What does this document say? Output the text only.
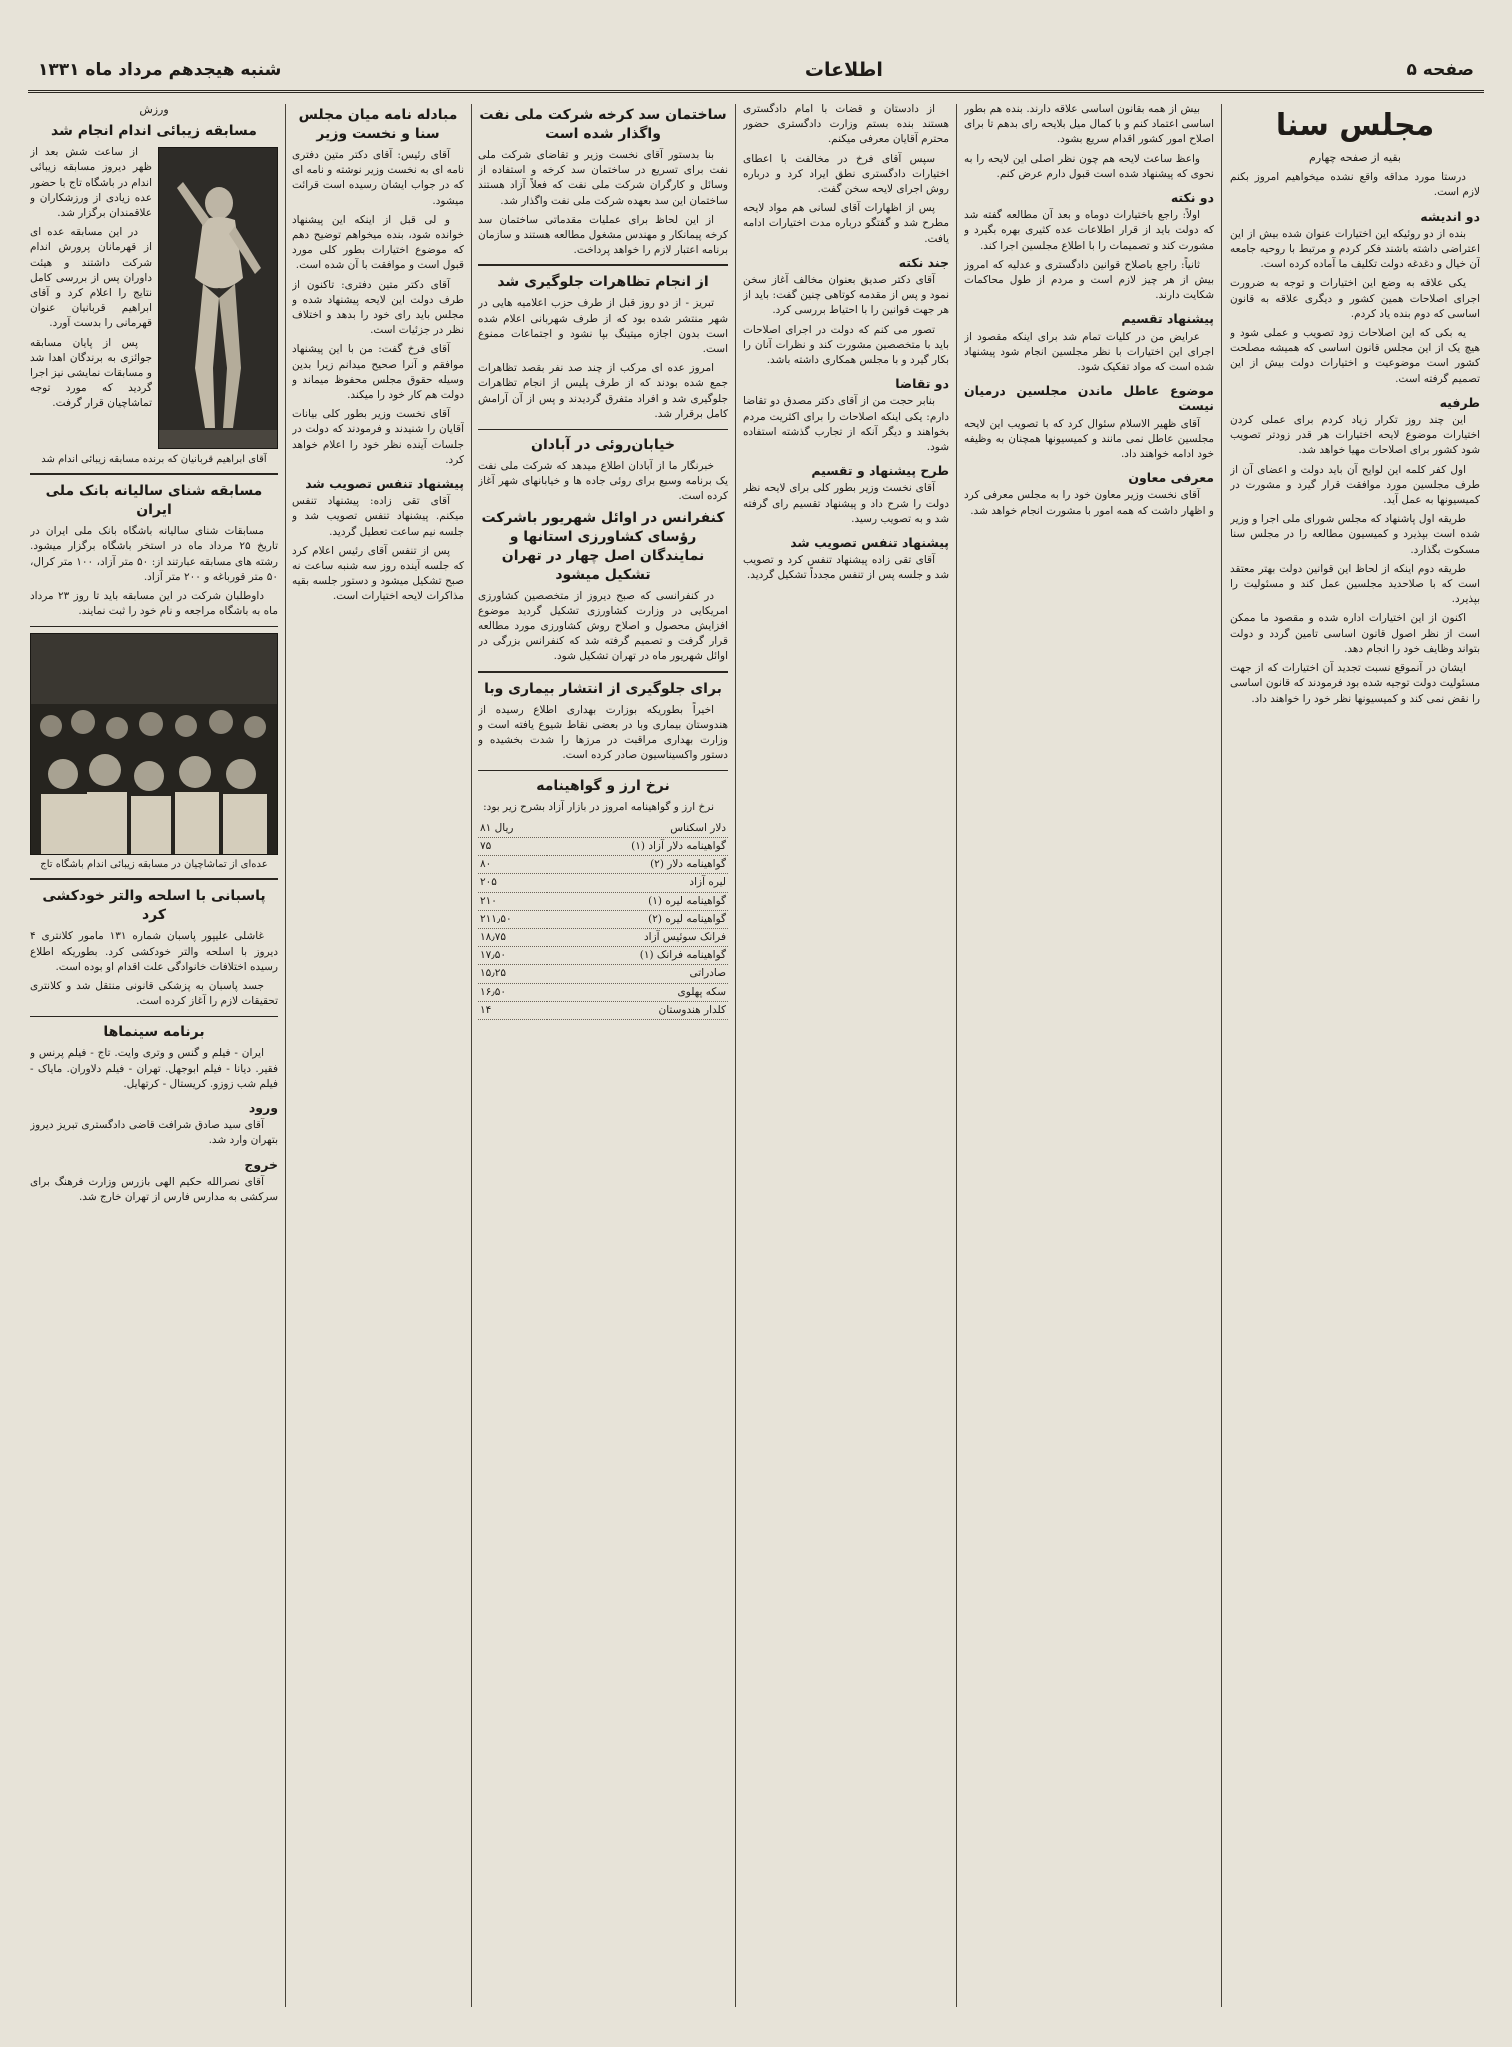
صفحه ۵
اطلاعات
شنبه هیجدهم مرداد ماه ۱۳۳۱
مجلس سنا
بقیه از صفحه چهارم

درستا مورد مداقه واقع نشده میخواهیم امروز بکنم لازم است.

دو اندیشه

بنده از دو روئیکه این اختیارات عنوان شده بیش از این اعتراضی داشته باشند فکر کردم و مرتبط با روحیه جامعه آن خیال و دغدغه دولت تکلیف ما آماده کرده است.

یکی علاقه به وضع این اختیارات و توجه به ضرورت اجرای اصلاحات همین کشور و دیگری علاقه به قانون اساسی که دوم بنده یاد کردم.

یه بکی که این اصلاحات زود تصویب و عملی شود و هیچ یک از این مجلس قانون اساسی که همیشه مصلحت کشور است موضوعیت و اختیارات دولت بیش از این تصمیم گرفته است.

طرفیه

این چند روز تکرار زیاد کردم برای عملی کردن اختیارات موضوع لایحه اختیارات هر قدر زودتر تصویب شود کشور برای اصلاحات مهیا خواهد شد.

اول کفر کلمه این لوایح آن باید دولت و اعضای آن از طرف مجلسین مورد موافقت قرار گیرد و مشورت در کمیسیونها به عمل آید.

طریقه اول پاشنهاد که مجلس شورای ملی اجرا و وزیر شده است بپذیرد و کمیسیون مطالعه را در مجلس سنا مسکوت بگذارد.

طریقه دوم اینکه از لحاظ این قوانین دولت بهتر معتقد است که با صلاحدید مجلسین عمل کند و مسئولیت را بپذیرد.

اکنون از این اختیارات اداره شده و مقصود ما ممکن است از نظر اصول قانون اساسی تامین گردد و دولت بتواند وظایف خود را انجام دهد.

ایشان در آنموقع نسبت تجدید آن اختیارات که از جهت مسئولیت دولت توجیه شده بود فرمودند که قانون اساسی را نقض نمی کند و کمیسیونها نظر خود را خواهند داد.

بیش از همه بقانون اساسی علاقه دارند. بنده هم بطور اساسی اعتماد کنم و با کمال میل بلایحه رای بدهم تا برای اصلاح امور کشور اقدام سریع بشود.

واعظ ساعت لایحه هم چون نظر اصلی این لایحه را به نحوی که پیشنهاد شده است قبول دارم عرض کنم.

دو نکته

اولاً: راجع باختیارات دوماه و بعد آن مطالعه گفته شد که دولت باید از قرار اطلاعات عده کثیری بهره بگیرد و مشورت کند و تصمیمات را با اطلاع مجلسین اجرا کند.

ثانیاً: راجع باصلاح قوانین دادگستری و عدلیه که امروز بیش از هر چیز لازم است و مردم از طول محاکمات شکایت دارند.

پیشنهاد تقسیم

عرایض من در کلیات تمام شد برای اینکه مقصود از اجرای این اختیارات با نظر مجلسین انجام شود پیشنهاد شده است که مواد تفکیک شود.

موضوع عاطل ماندن مجلسین درمیان نیست

آقای ظهیر الاسلام سئوال کرد که با تصویب این لایحه مجلسین عاطل نمی مانند و کمیسیونها همچنان به وظیفه خود ادامه خواهند داد.

معرفی معاون

آقای نخست وزیر معاون خود را به مجلس معرفی کرد و اظهار داشت که همه امور با مشورت انجام خواهد شد.

از دادستان و قضات با امام دادگستری هستند بنده بستم وزارت دادگستری حضور محترم آقایان معرفی میکنم.

سپس آقای فرخ در مخالفت با اعطای اختیارات دادگستری نطق ایراد کرد و درباره روش اجرای لایحه سخن گفت.

پس از اظهارات آقای لسانی هم مواد لایحه مطرح شد و گفتگو درباره مدت اختیارات ادامه یافت.

جند نکته

آقای دکتر صدیق بعنوان مخالف آغاز سخن نمود و پس از مقدمه کوتاهی چنین گفت: باید از هر جهت قوانین را با احتیاط بررسی کرد.

تصور می کنم که دولت در اجرای اصلاحات باید با متخصصین مشورت کند و نظرات آنان را بکار گیرد و با مجلس همکاری داشته باشد.

دو تقاضا

بنابر حجت من از آقای دکتر مصدق دو تقاضا دارم: یکی اینکه اصلاحات را برای اکثریت مردم بخواهند و دیگر آنکه از تجارب گذشته استفاده شود.

طرح پیشنهاد و تقسیم

آقای نخست وزیر بطور کلی برای لایحه نظر دولت را شرح داد و پیشنهاد تقسیم رای گرفته شد و به تصویب رسید.

پیشنهاد تنفس تصویب شد

آقای تقی زاده پیشنهاد تنفس کرد و تصویب شد و جلسه پس از تنفس مجدداً تشکیل گردید.

ساختمان سد کرخه شرکت ملی نفت واگذار شده است

بنا بدستور آقای نخست وزیر و تقاضای شرکت ملی نفت برای تسریع در ساختمان سد کرخه و استفاده از وسائل و کارگران شرکت ملی نفت که فعلاً آزاد هستند ساختمان این سد بعهده شرکت ملی نفت واگذار شد.

از این لحاظ برای عملیات مقدماتی ساختمان سد کرخه پیمانکار و مهندس مشغول مطالعه هستند و سازمان برنامه اعتبار لازم را خواهد پرداخت.

از انجام تظاهرات جلوگیری شد

تبریز - از دو روز قبل از طرف حزب اعلامیه هایی در شهر منتشر شده بود که از طرف شهربانی اعلام شده است بدون اجازه میتینگ بپا نشود و اجتماعات ممنوع است.

امروز عده ای مرکب از چند صد نفر بقصد تظاهرات جمع شده بودند که از طرف پلیس از انجام تظاهرات جلوگیری شد و افراد متفرق گردیدند و پس از آن آرامش کامل برقرار شد.

خیابان‌روئی در آبادان

خبرنگار ما از آبادان اطلاع میدهد که شرکت ملی نفت یک برنامه وسیع برای روئی جاده ها و خیابانهای شهر آغاز کرده است.

کنفرانس در اوائل شهریور باشرکت رؤسای کشاورزی استانها و نمایندگان اصل چهار در تهران تشکیل میشود

در کنفرانسی که صبح دیروز از متخصصین کشاورزی امریکایی در وزارت کشاورزی تشکیل گردید موضوع افزایش محصول و اصلاح روش کشاورزی مورد مطالعه قرار گرفت و تصمیم گرفته شد که کنفرانس بزرگی در اوائل شهریور ماه در تهران تشکیل شود.

برای جلوگیری از انتشار بیماری وبا

اخیراً بطوریکه بوزارت بهداری اطلاع رسیده از هندوستان بیماری وبا در بعضی نقاط شیوع یافته است و وزارت بهداری مراقبت در مرزها را شدت بخشیده و دستور واکسیناسیون صادر کرده است.

نرخ ارز و گواهینامه

نرخ ارز و گواهینامه امروز در بازار آزاد بشرح زیر بود:

دلار اسکناس	۸۱ ریال
گواهینامه دلار آزاد (۱)	۷۵
گواهینامه دلار (۲)	۸۰
لیره آزاد	۲۰۵
گواهینامه لیره (۱)	۲۱۰
گواهینامه لیره (۲)	۲۱۱٫۵۰
فرانک سوئیس آزاد	۱۸٫۷۵
گواهینامه فرانک (۱)	۱۷٫۵۰
صادراتی	۱۵٫۲۵
سکه پهلوی	۱۶٫۵۰
کلدار هندوستان	۱۴
مبادله نامه میان مجلس سنا و نخست وزیر

آقای رئیس: آقای دکتر متین دفتری نامه ای به نخست وزیر نوشته و نامه ای که در جواب ایشان رسیده است قرائت میشود.

و لی قبل از اینکه این پیشنهاد خوانده شود، بنده میخواهم توضیح دهم که موضوع اختیارات بطور کلی مورد قبول است و موافقت با آن شده است.

آقای دکتر متین دفتری: تاکنون از طرف دولت این لایحه پیشنهاد شده و مجلس باید رای خود را بدهد و اختلاف نظر در جزئیات است.

آقای فرخ گفت: من با این پیشنهاد موافقم و آنرا صحیح میدانم زیرا بدین وسیله حقوق مجلس محفوظ میماند و دولت هم کار خود را میکند.

آقای نخست وزیر بطور کلی بیانات آقایان را شنیدند و فرمودند که دولت در جلسات آینده نظر خود را اعلام خواهد کرد.

پیشنهاد تنفس تصویب شد

آقای تقی زاده: پیشنهاد تنفس میکنم. پیشنهاد تنفس تصویب شد و جلسه نیم ساعت تعطیل گردید.

پس از تنفس آقای رئیس اعلام کرد که جلسه آینده روز سه شنبه ساعت نه صبح تشکیل میشود و دستور جلسه بقیه مذاکرات لایحه اختیارات است.

ورزش
مسابقه زیبائی اندام انجام شد

از ساعت شش بعد از ظهر دیروز مسابقه زیبائی اندام در باشگاه تاج با حضور عده زیادی از ورزشکاران و علاقمندان برگزار شد.

در این مسابقه عده ای از قهرمانان پرورش اندام شرکت داشتند و هیئت داوران پس از بررسی کامل نتایج را اعلام کرد و آقای ابراهیم قربانیان عنوان قهرمانی را بدست آورد.

پس از پایان مسابقه جوائزی به برندگان اهدا شد و مسابقات نمایشی نیز اجرا گردید که مورد توجه تماشاچیان قرار گرفت.

آقای ابراهیم قربانیان که برنده مسابقه زیبائی اندام شد
مسابقه شنای سالیانه بانک ملی ایران

مسابقات شنای سالیانه باشگاه بانک ملی ایران در تاریخ ۲۵ مرداد ماه در استخر باشگاه برگزار میشود. رشته های مسابقه عبارتند از: ۵۰ متر آزاد، ۱۰۰ متر کرال، ۵۰ متر قورباغه و ۲۰۰ متر آزاد.

داوطلبان شرکت در این مسابقه باید تا روز ۲۳ مرداد ماه به باشگاه مراجعه و نام خود را ثبت نمایند.

عده‌ای از تماشاچیان در مسابقه زیبائی اندام باشگاه تاج
پاسبانی با اسلحه والتر خودکشی کرد

غاشلی علیپور پاسبان شماره ۱۳۱ مامور کلانتری ۴ دیروز با اسلحه والتر خودکشی کرد. بطوریکه اطلاع رسیده اختلافات خانوادگی علت اقدام او بوده است.

جسد پاسبان به پزشکی قانونی منتقل شد و کلانتری تحقیقات لازم را آغاز کرده است.

برنامه سینماها

ایران - فیلم و گنس و وتری وایت. تاج - فیلم پرنس و فقیر. دیانا - فیلم ابوجهل. تهران - فیلم دلاوران. مایاک - فیلم شب زوزو. کریستال - کرتهایل.

ورود

آقای سید صادق شرافت قاضی دادگستری تبریز دیروز بتهران وارد شد.

خروج

آقای نصرالله حکیم الهی بازرس وزارت فرهنگ برای سرکشی به مدارس فارس از تهران خارج شد.
